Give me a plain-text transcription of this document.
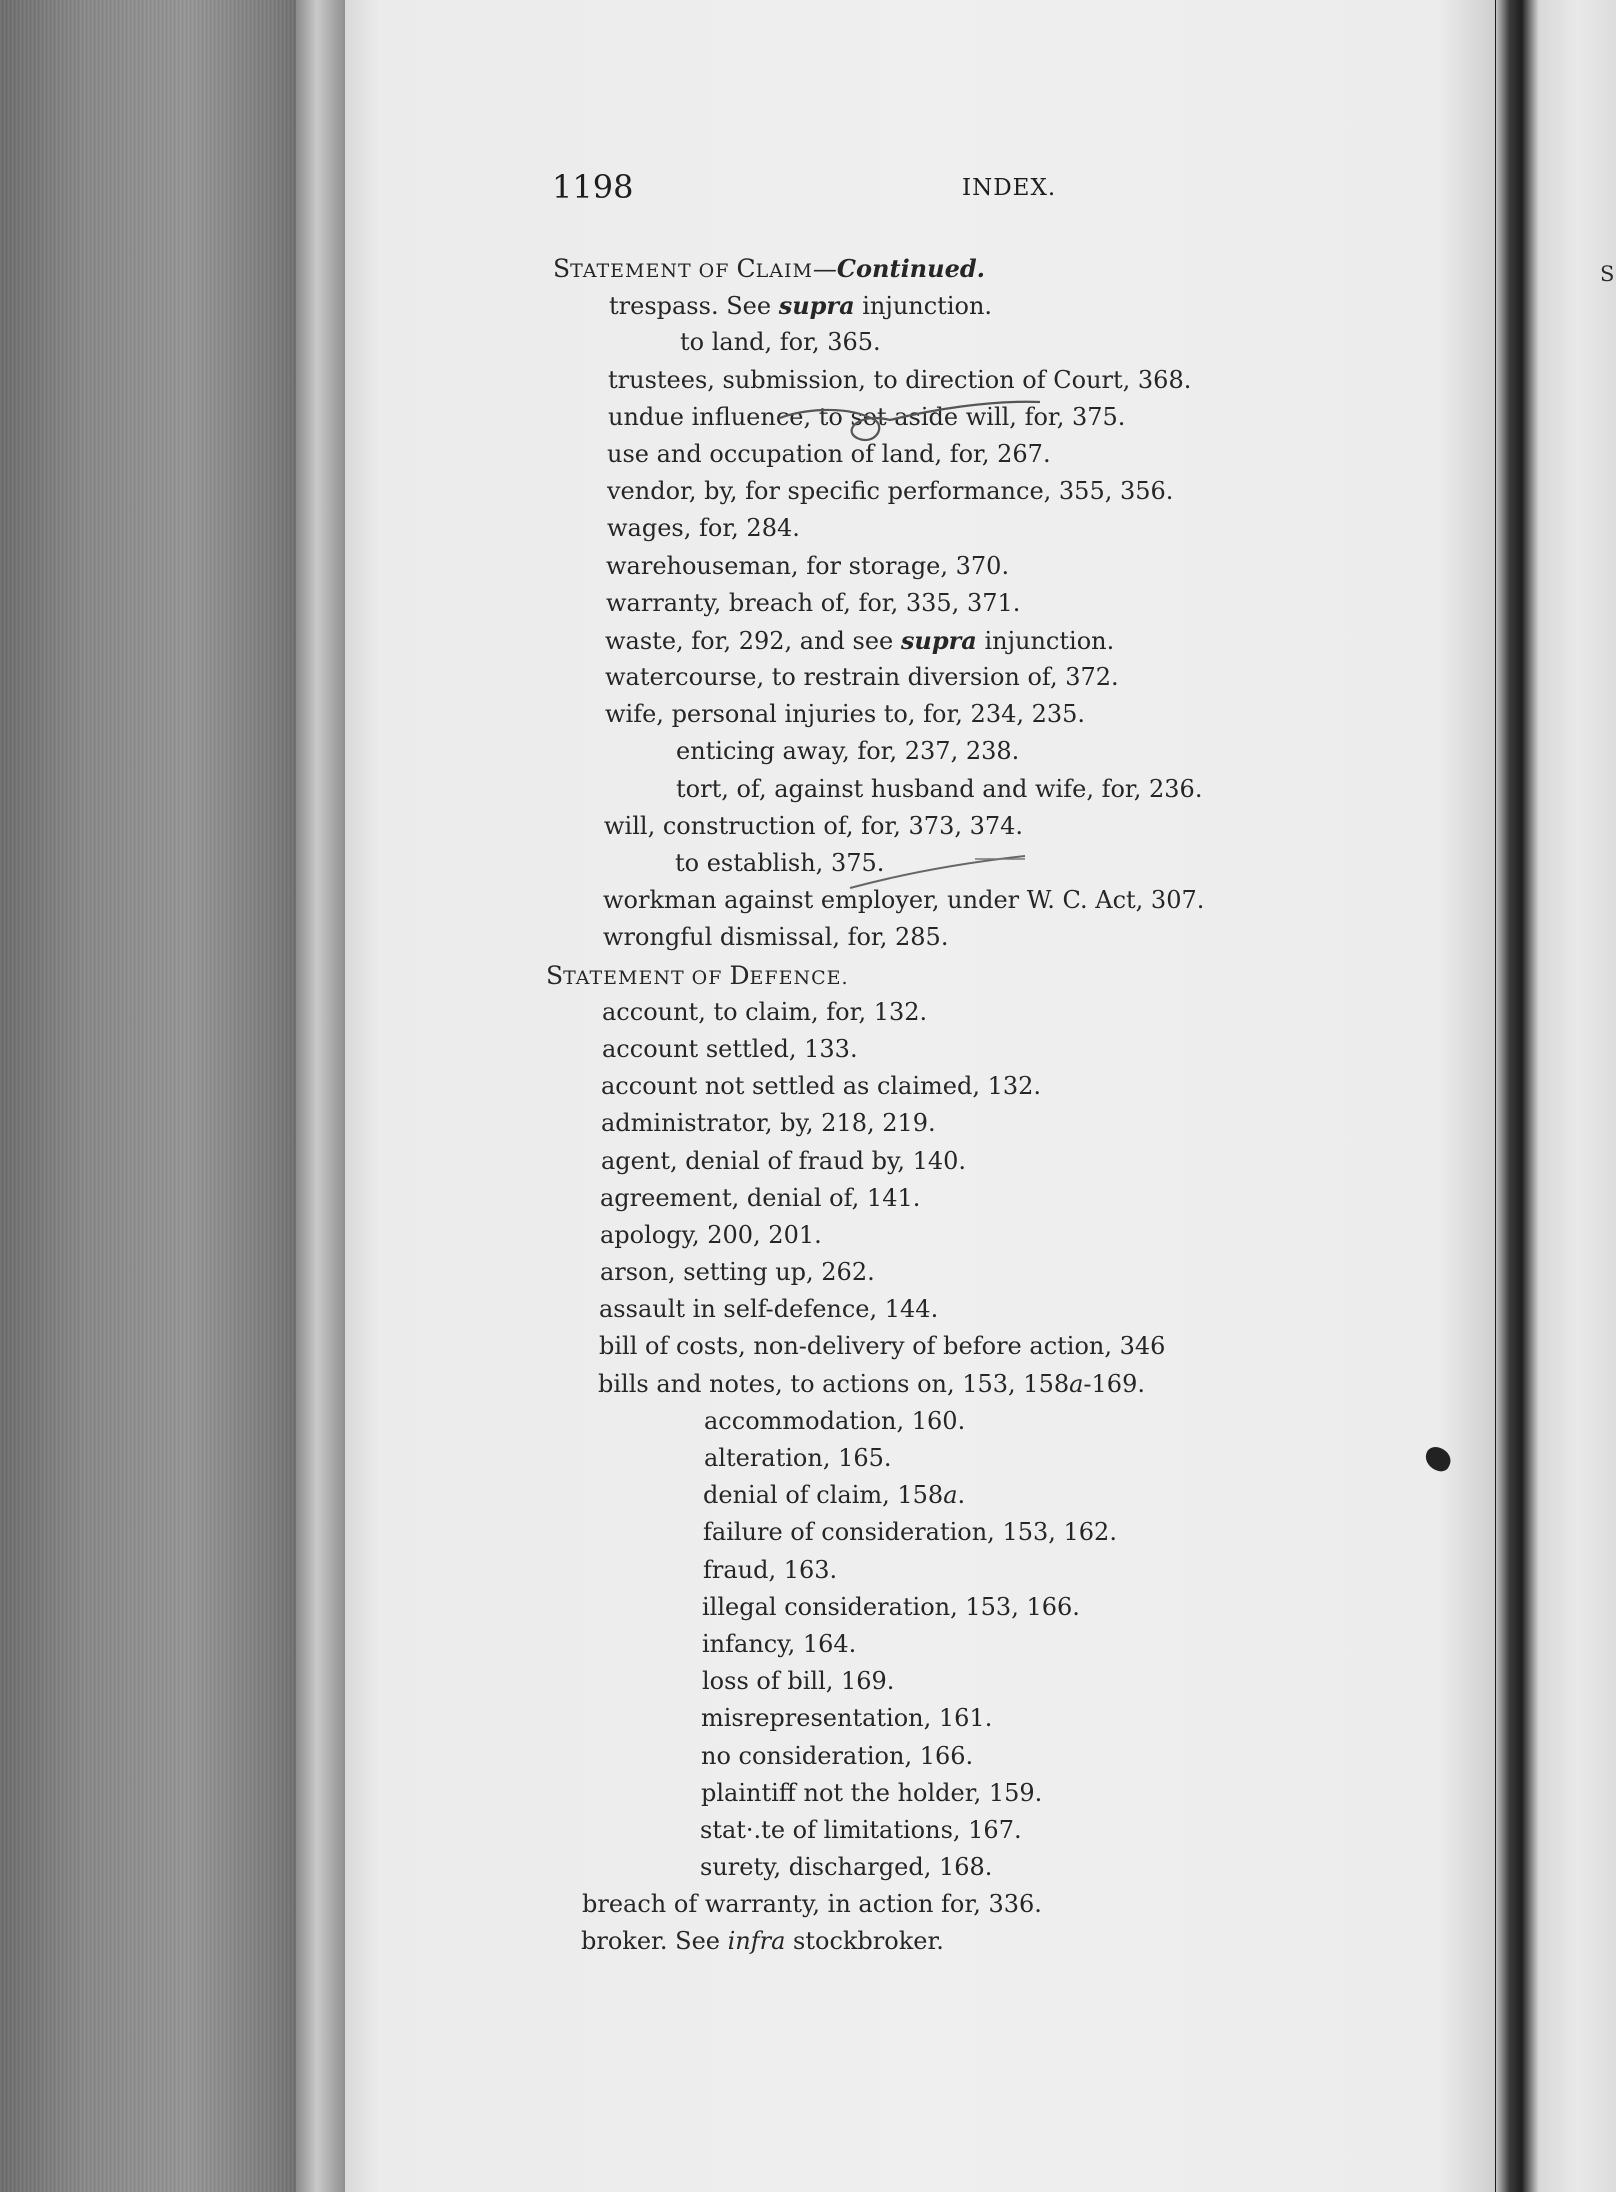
1198	INDEX.
STATEMENT OF CLAIM—Continued.
trespass. See supra injunction.
to land, for, 365.
trustees, submission, to direction of Court, 368.
undue influence, to set aside will, for, 375.
use and occupation of land, for, 267.
vendor, by, for specific performance, 355, 356.
wages, for, 284.
warehouseman, for storage, 370.
warranty, breach of, for, 335, 371.
waste, for, 292, and see supra injunction.
watercourse, to restrain diversion of, 372.
wife, personal injuries to, for, 234, 235.
enticing away, for, 237, 238.
tort, of, against husband and wife, for, 236.
will, construction of, for, 373, 374.
to establish, 375.
workman against employer, under W. C. Act, 307.
wrongful dismissal, for, 285.
STATEMENT OF DEFENCE.
account, to claim, for, 132.
account settled, 133.
account not settled as claimed, 132.
administrator, by, 218, 219.
agent, denial of fraud by, 140.
agreement, denial of, 141.
apology, 200, 201.
arson, setting up, 262.
assault in self-defence, 144.
bill of costs, non-delivery of before action, 346
bills and notes, to actions on, 153, 158a-169.
accommodation, 160.
alteration, 165.
denial of claim, 158a.
failure of consideration, 153, 162.
fraud, 163.
illegal consideration, 153, 166.
infancy, 164.
loss of bill, 169.
misrepresentation, 161.
no consideration, 166.
plaintiff not the holder, 159.
stat·.te of limitations, 167.
surety, discharged, 168.
breach of warranty, in action for, 336.
broker. See infra stockbroker.
S
